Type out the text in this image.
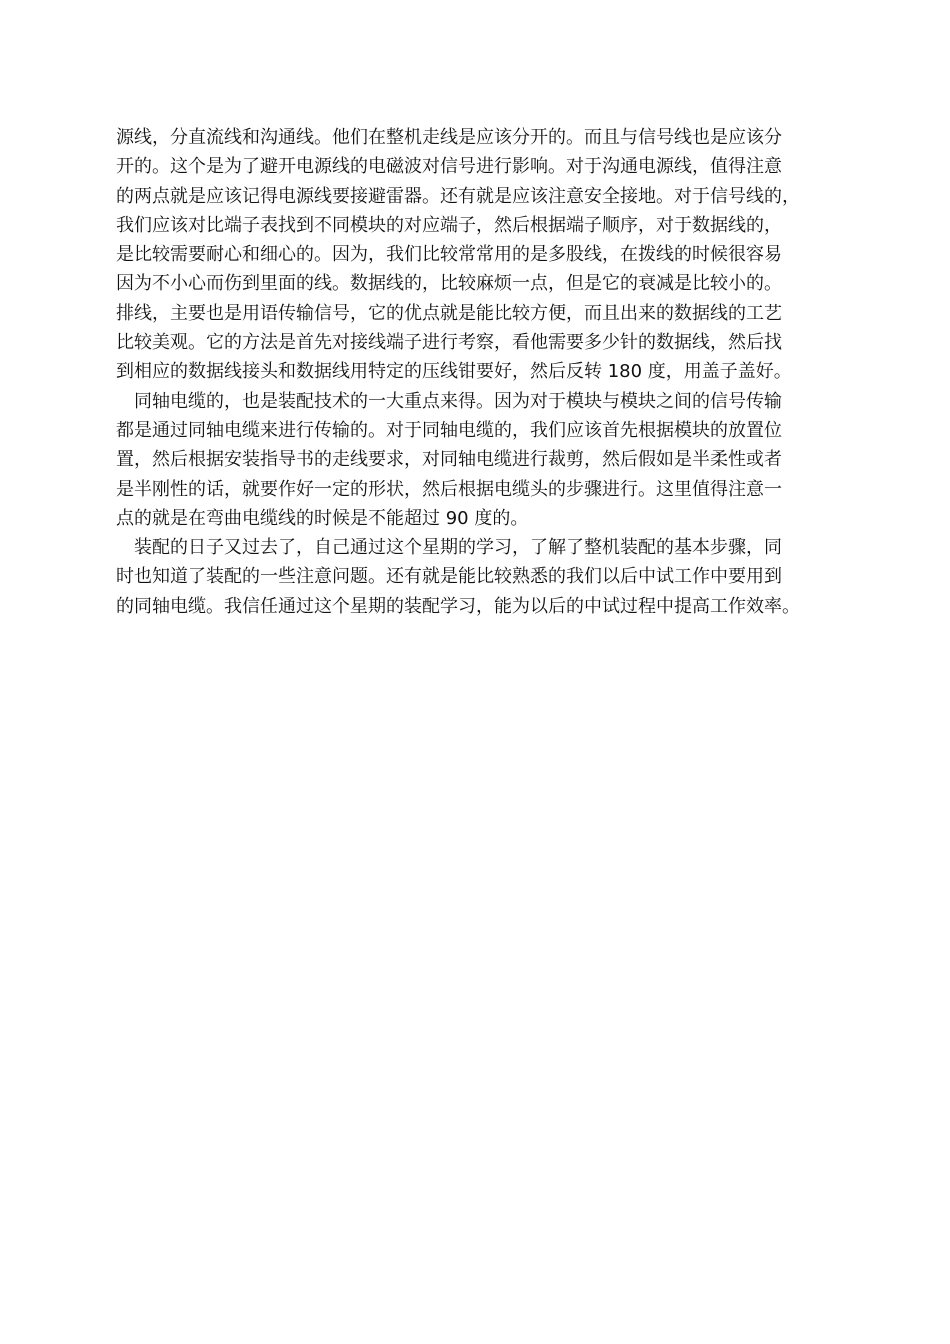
源线，分直流线和沟通线。他们在整机走线是应该分开的。而且与信号线也是应该分
开的。这个是为了避开电源线的电磁波对信号进行影响。对于沟通电源线，值得注意
的两点就是应该记得电源线要接避雷器。还有就是应该注意安全接地。对于信号线的，
我们应该对比端子表找到不同模块的对应端子，然后根据端子顺序，对于数据线的，
是比较需要耐心和细心的。因为，我们比较常常用的是多股线，在拨线的时候很容易
因为不小心而伤到里面的线。数据线的，比较麻烦一点，但是它的衰减是比较小的。
排线，主要也是用语传输信号，它的优点就是能比较方便，而且出来的数据线的工艺
比较美观。它的方法是首先对接线端子进行考察，看他需要多少针的数据线，然后找
到相应的数据线接头和数据线用特定的压线钳要好，然后反转 180 度，用盖子盖好。
同轴电缆的，也是装配技术的一大重点来得。因为对于模块与模块之间的信号传输
都是通过同轴电缆来进行传输的。对于同轴电缆的，我们应该首先根据模块的放置位
置，然后根据安装指导书的走线要求，对同轴电缆进行裁剪，然后假如是半柔性或者
是半刚性的话，就要作好一定的形状，然后根据电缆头的步骤进行。这里值得注意一
点的就是在弯曲电缆线的时候是不能超过 90 度的。
装配的日子又过去了，自己通过这个星期的学习，了解了整机装配的基本步骤，同
时也知道了装配的一些注意问题。还有就是能比较熟悉的我们以后中试工作中要用到
的同轴电缆。我信任通过这个星期的装配学习，能为以后的中试过程中提高工作效率。
